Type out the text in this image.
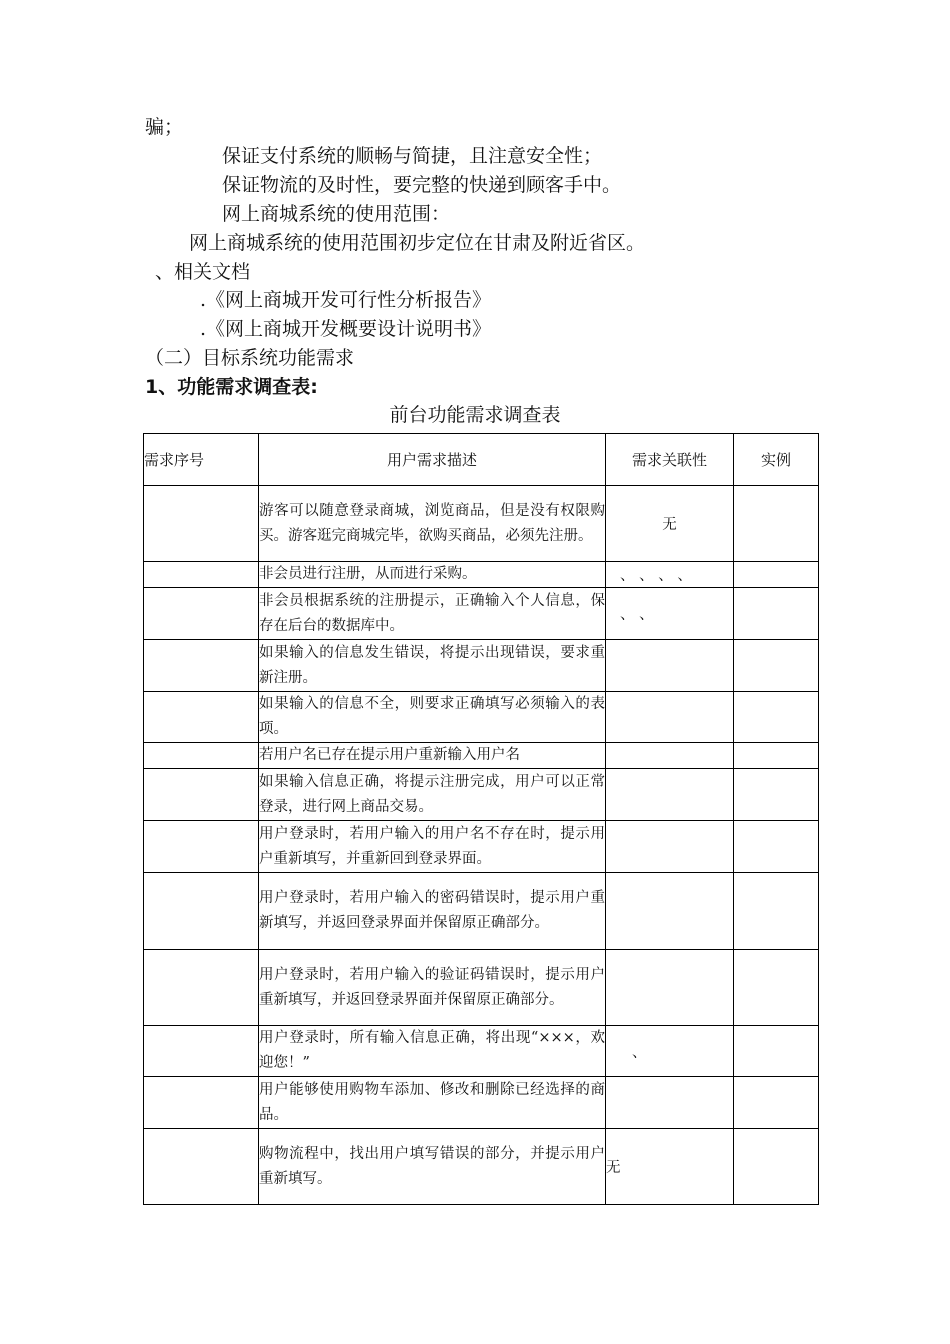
骗；
保证支付系统的顺畅与简捷，且注意安全性；
保证物流的及时性，要完整的快递到顾客手中。
网上商城系统的使用范围：
网上商城系统的使用范围初步定位在甘肃及附近省区。
、相关文档
.《网上商城开发可行性分析报告》
.《网上商城开发概要设计说明书》
（二）目标系统功能需求
1、功能需求调查表:
前台功能需求调查表
需求序号	用户需求描述	需求关联性	实例
	游客可以随意登录商城，浏览商品，但是没有权限购买。游客逛完商城完毕，欲购买商品，必须先注册。	无	
	非会员进行注册，从而进行采购。	、 、 、 、	
	非会员根据系统的注册提示，正确输入个人信息，保存在后台的数据库中。	、 、	
	如果输入的信息发生错误，将提示出现错误，要求重新注册。		
	如果输入的信息不全，则要求正确填写必须输入的表项。		
	若用户名已存在提示用户重新输入用户名		
	如果输入信息正确，将提示注册完成，用户可以正常登录，进行网上商品交易。		
	用户登录时，若用户输入的用户名不存在时，提示用户重新填写，并重新回到登录界面。		
	用户登录时，若用户输入的密码错误时，提示用户重新填写，并返回登录界面并保留原正确部分。		
	用户登录时，若用户输入的验证码错误时，提示用户重新填写，并返回登录界面并保留原正确部分。		
	用户登录时，所有输入信息正确，将出现“×××，欢迎您！”	、	
	用户能够使用购物车添加、修改和删除已经选择的商品。		
	购物流程中，找出用户填写错误的部分，并提示用户重新填写。	无	
